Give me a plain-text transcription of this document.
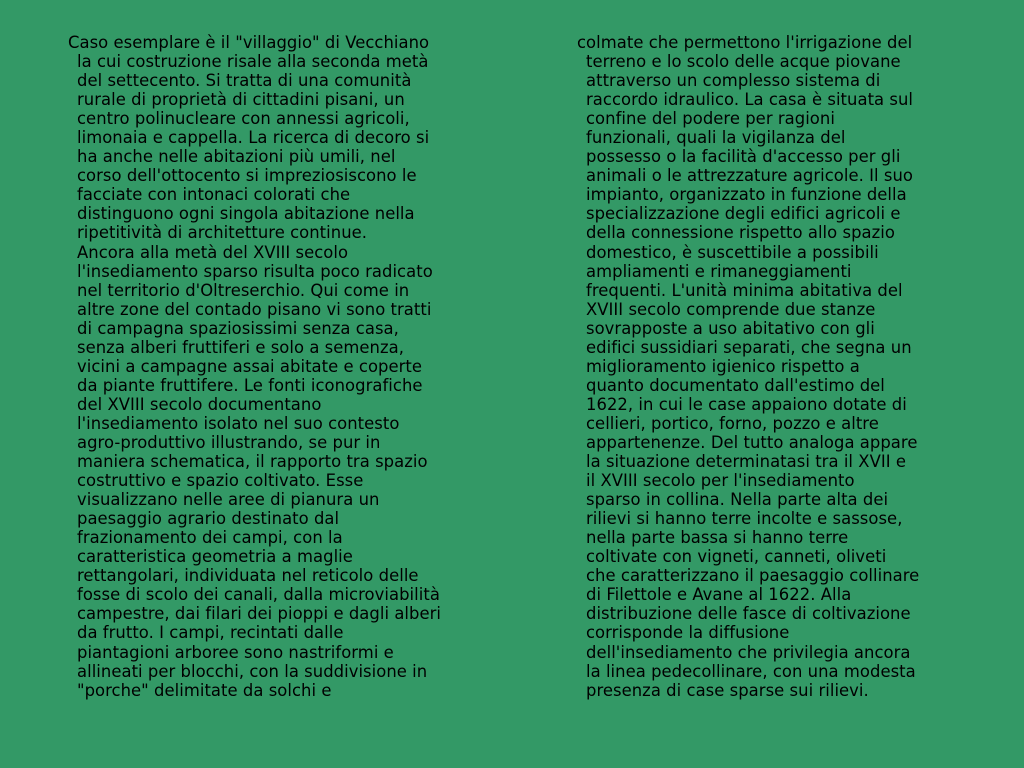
Caso esemplare è il "villaggio" di Vecchiano
la cui costruzione risale alla seconda metà
del settecento. Si tratta di una comunità
rurale di proprietà di cittadini pisani, un
centro polinucleare con annessi agricoli,
limonaia e cappella. La ricerca di decoro si
ha anche nelle abitazioni più umili, nel
corso dell'ottocento si impreziosiscono le
facciate con intonaci colorati che
distinguono ogni singola abitazione nella
ripetitività di architetture continue.
Ancora alla metà del XVIII secolo
l'insediamento sparso risulta poco radicato
nel territorio d'Oltreserchio. Qui come in
altre zone del contado pisano vi sono tratti
di campagna spaziosissimi senza casa,
senza alberi fruttiferi e solo a semenza,
vicini a campagne assai abitate e coperte
da piante fruttifere. Le fonti iconografiche
del XVIII secolo documentano
l'insediamento isolato nel suo contesto
agro-produttivo illustrando, se pur in
maniera schematica, il rapporto tra spazio
costruttivo e spazio coltivato. Esse
visualizzano nelle aree di pianura un
paesaggio agrario destinato dal
frazionamento dei campi, con la
caratteristica geometria a maglie
rettangolari, individuata nel reticolo delle
fosse di scolo dei canali, dalla microviabilità
campestre, dai filari dei pioppi e dagli alberi
da frutto. I campi, recintati dalle
piantagioni arboree sono nastriformi e
allineati per blocchi, con la suddivisione in
"porche" delimitate da solchi e
colmate che permettono l'irrigazione del
terreno e lo scolo delle acque piovane
attraverso un complesso sistema di
raccordo idraulico. La casa è situata sul
confine del podere per ragioni
funzionali, quali la vigilanza del
possesso o la facilità d'accesso per gli
animali o le attrezzature agricole. Il suo
impianto, organizzato in funzione della
specializzazione degli edifici agricoli e
della connessione rispetto allo spazio
domestico, è suscettibile a possibili
ampliamenti e rimaneggiamenti
frequenti. L'unità minima abitativa del
XVIII secolo comprende due stanze
sovrapposte a uso abitativo con gli
edifici sussidiari separati, che segna un
miglioramento igienico rispetto a
quanto documentato dall'estimo del
1622, in cui le case appaiono dotate di
cellieri, portico, forno, pozzo e altre
appartenenze. Del tutto analoga appare
la situazione determinatasi tra il XVII e
il XVIII secolo per l'insediamento
sparso in collina. Nella parte alta dei
rilievi si hanno terre incolte e sassose,
nella parte bassa si hanno terre
coltivate con vigneti, canneti, oliveti
che caratterizzano il paesaggio collinare
di Filettole e Avane al 1622. Alla
distribuzione delle fasce di coltivazione
corrisponde la diffusione
dell'insediamento che privilegia ancora
la linea pedecollinare, con una modesta
presenza di case sparse sui rilievi.
